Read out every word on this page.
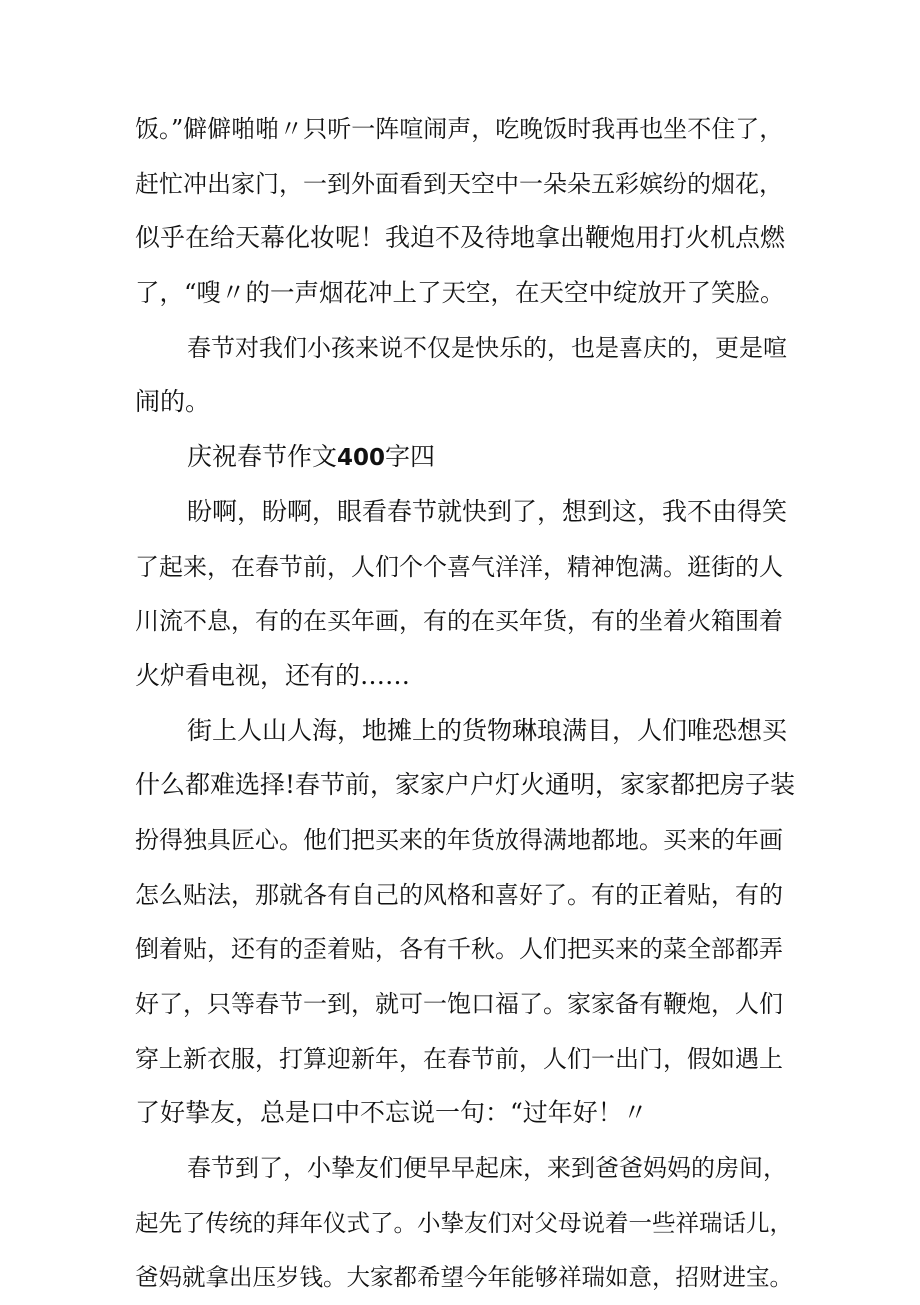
饭。”僻僻啪啪〃只听一阵喧闹声，吃晚饭时我再也坐不住了，
赶忙冲出家门，一到外面看到天空中一朵朵五彩嫔纷的烟花，
似乎在给天幕化妆呢！我迫不及待地拿出鞭炮用打火机点燃
了，“嗖〃的一声烟花冲上了天空，在天空中绽放开了笑脸。
春节对我们小孩来说不仅是快乐的，也是喜庆的，更是喧
闹的。
庆祝春节作文400字四
盼啊，盼啊，眼看春节就快到了，想到这，我不由得笑
了起来，在春节前，人们个个喜气洋洋，精神饱满。逛街的人
川流不息，有的在买年画，有的在买年货，有的坐着火箱围着
火炉看电视，还有的……
街上人山人海，地摊上的货物琳琅满目，人们唯恐想买
什么都难选择!春节前，家家户户灯火通明，家家都把房子装
扮得独具匠心。他们把买来的年货放得满地都地。买来的年画
怎么贴法，那就各有自己的风格和喜好了。有的正着贴，有的
倒着贴，还有的歪着贴，各有千秋。人们把买来的菜全部都弄
好了，只等春节一到，就可一饱口福了。家家备有鞭炮，人们
穿上新衣服，打算迎新年，在春节前，人们一出门，假如遇上
了好挚友，总是口中不忘说一句：“过年好！〃
春节到了，小挚友们便早早起床，来到爸爸妈妈的房间，
起先了传统的拜年仪式了。小挚友们对父母说着一些祥瑞话儿，
爸妈就拿出压岁钱。大家都希望今年能够祥瑞如意，招财进宝。
